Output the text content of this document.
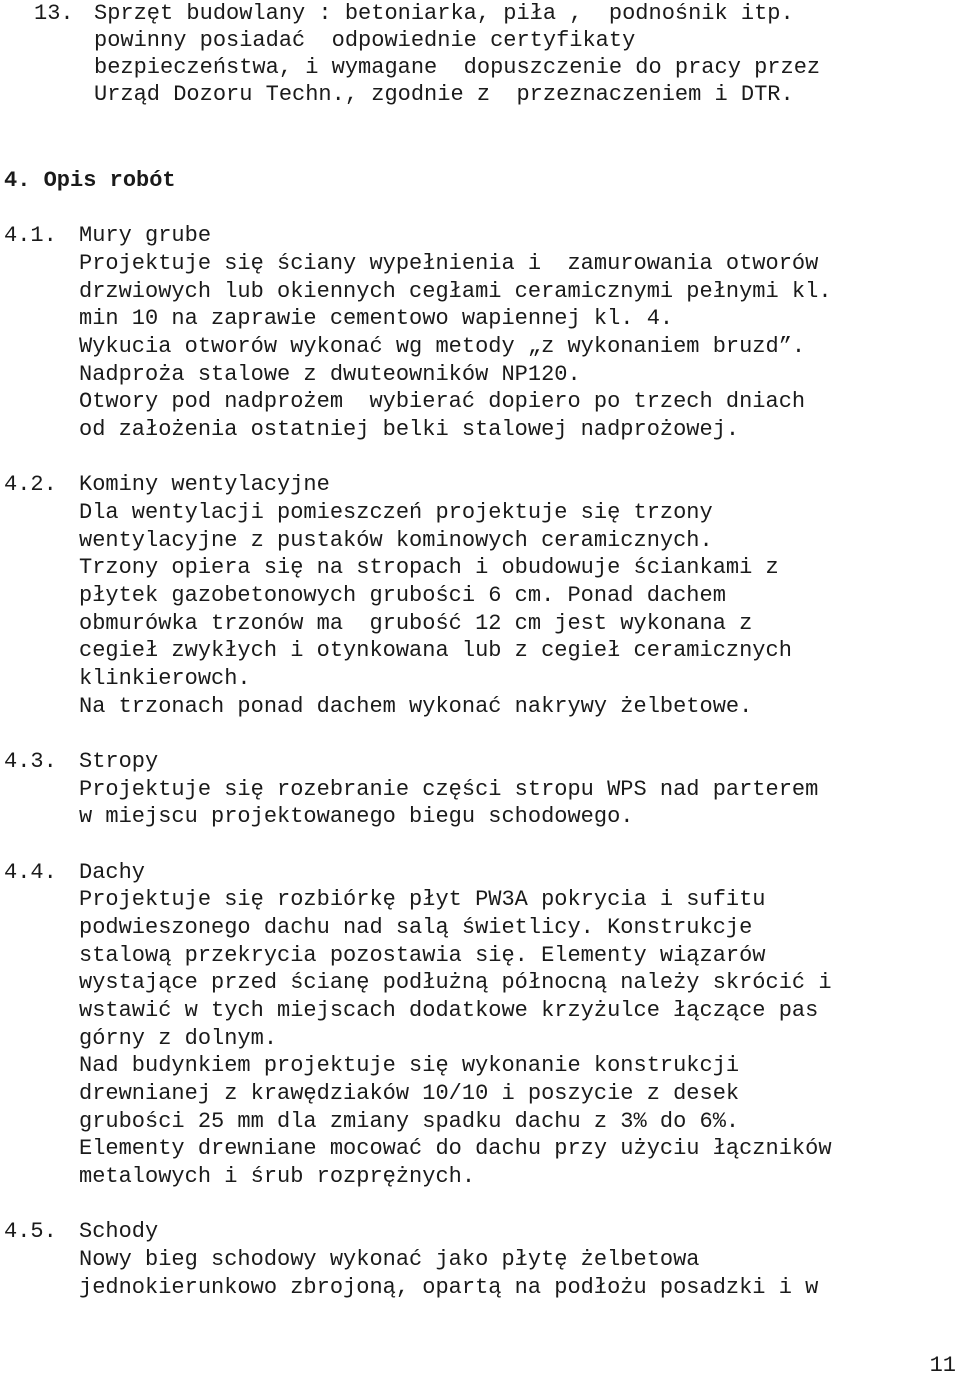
13. Sprzęt budowlany : betoniarka, piła ,  podnośnik itp.
powinny posiadać  odpowiednie certyfikaty
bezpieczeństwa, i wymagane  dopuszczenie do pracy przez
Urząd Dozoru Techn., zgodnie z  przeznaczeniem i DTR.
4. Opis robót
4.1. Mury grube
Projektuje się ściany wypełnienia i  zamurowania otworów
drzwiowych lub okiennych cegłami ceramicznymi pełnymi kl.
min 10 na zaprawie cementowo wapiennej kl. 4.
Wykucia otworów wykonać wg metody „z wykonaniem bruzd”.
Nadproża stalowe z dwuteowników NP120.
Otwory pod nadprożem  wybierać dopiero po trzech dniach
od założenia ostatniej belki stalowej nadprożowej.
4.2. Kominy wentylacyjne
Dla wentylacji pomieszczeń projektuje się trzony
wentylacyjne z pustaków kominowych ceramicznych.
Trzony opiera się na stropach i obudowuje ściankami z
płytek gazobetonowych grubości 6 cm. Ponad dachem
obmurówka trzonów ma  grubość 12 cm jest wykonana z
cegieł zwykłych i otynkowana lub z cegieł ceramicznych
klinkierowch.
Na trzonach ponad dachem wykonać nakrywy żelbetowe.
4.3. Stropy
Projektuje się rozebranie części stropu WPS nad parterem
w miejscu projektowanego biegu schodowego.
4.4. Dachy
Projektuje się rozbiórkę płyt PW3A pokrycia i sufitu
podwieszonego dachu nad salą świetlicy. Konstrukcje
stalową przekrycia pozostawia się. Elementy wiązarów
wystające przed ścianę podłużną północną należy skrócić i
wstawić w tych miejscach dodatkowe krzyżulce łączące pas
górny z dolnym.
Nad budynkiem projektuje się wykonanie konstrukcji
drewnianej z krawędziaków 10/10 i poszycie z desek
grubości 25 mm dla zmiany spadku dachu z 3% do 6%.
Elementy drewniane mocować do dachu przy użyciu łączników
metalowych i śrub rozprężnych.
4.5. Schody
Nowy bieg schodowy wykonać jako płytę żelbetowa
jednokierunkowo zbrojoną, opartą na podłożu posadzki i w
11
